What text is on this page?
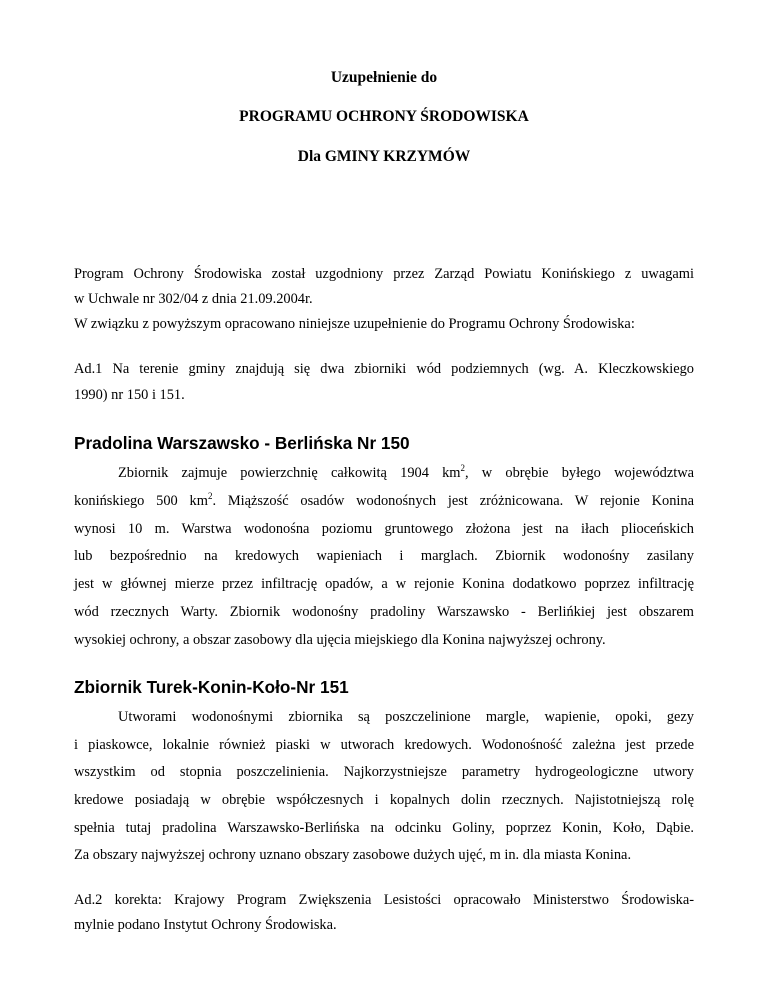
Uzupełnienie do
PROGRAMU OCHRONY ŚRODOWISKA
Dla GMINY KRZYMÓW
Program Ochrony Środowiska został uzgodniony przez Zarząd Powiatu Konińskiego z uwagami
w Uchwale nr 302/04 z dnia 21.09.2004r.
W związku z powyższym opracowano niniejsze uzupełnienie do Programu Ochrony Środowiska:
Ad.1 Na terenie gminy znajdują się dwa zbiorniki wód podziemnych (wg. A. Kleczkowskiego
1990) nr 150 i 151.
Pradolina Warszawsko - Berlińska Nr 150
Zbiornik zajmuje powierzchnię całkowitą 1904 $km^2$, w obrębie byłego województwa
konińskiego 500 $km^2$. Miąższość osadów wodonośnych jest zróżnicowana. W rejonie Konina
wynosi 10 m. Warstwa wodonośna poziomu gruntowego złożona jest na iłach plioceńskich
lub bezpośrednio na kredowych wapieniach i marglach. Zbiornik wodonośny zasilany
jest w głównej mierze przez infiltrację opadów, a w rejonie Konina dodatkowo poprzez infiltrację
wód rzecznych Warty. Zbiornik wodonośny pradoliny Warszawsko - Berlińkiej jest obszarem
wysokiej ochrony, a obszar zasobowy dla ujęcia miejskiego dla Konina najwyższej ochrony.
Zbiornik Turek-Konin-Koło-Nr 151
Utworami wodonośnymi zbiornika są poszczelinione margle, wapienie, opoki, gezy
i piaskowce, lokalnie również piaski w utworach kredowych. Wodonośność zależna jest przede
wszystkim od stopnia poszczelinienia. Najkorzystniejsze parametry hydrogeologiczne utwory
kredowe posiadają w obrębie współczesnych i kopalnych dolin rzecznych. Najistotniejszą rolę
spełnia tutaj pradolina Warszawsko-Berlińska na odcinku Goliny, poprzez Konin, Koło, Dąbie.
Za obszary najwyższej ochrony uznano obszary zasobowe dużych ujęć, m in. dla miasta Konina.
Ad.2 korekta: Krajowy Program Zwiększenia Lesistości opracowało Ministerstwo Środowiska-
mylnie podano Instytut Ochrony Środowiska.
